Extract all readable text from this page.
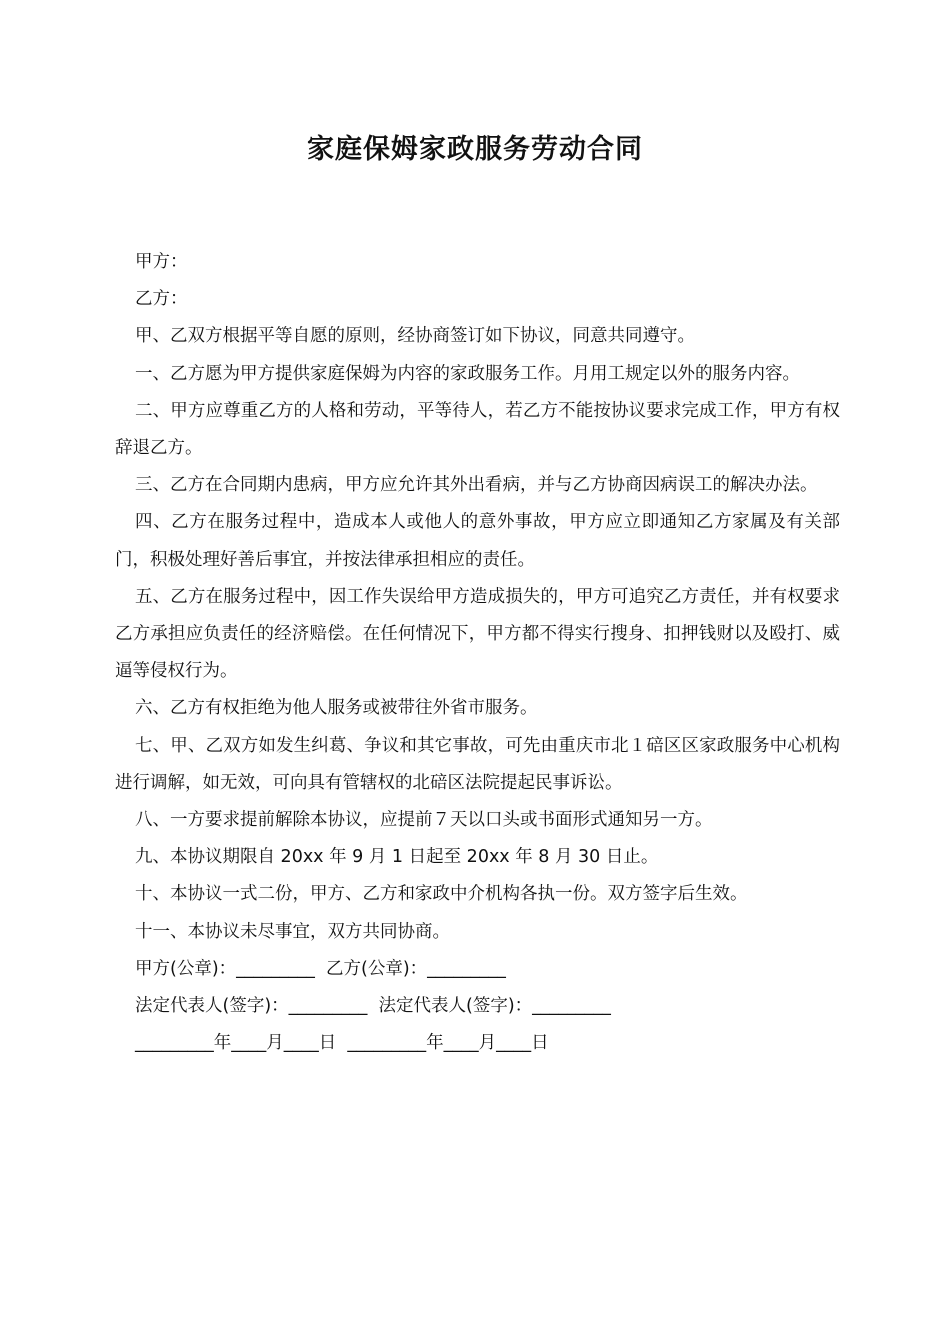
家庭保姆家政服务劳动合同

甲方：

乙方：

甲、乙双方根据平等自愿的原则，经协商签订如下协议，同意共同遵守。

一、乙方愿为甲方提供家庭保姆为内容的家政服务工作。月用工规定以外的服务内容。

二、甲方应尊重乙方的人格和劳动，平等待人，若乙方不能按协议要求完成工作，甲方有权辞退乙方。

三、乙方在合同期内患病，甲方应允许其外出看病，并与乙方协商因病误工的解决办法。

四、乙方在服务过程中，造成本人或他人的意外事故，甲方应立即通知乙方家属及有关部门，积极处理好善后事宜，并按法律承担相应的责任。

五、乙方在服务过程中，因工作失误给甲方造成损失的，甲方可追究乙方责任，并有权要求乙方承担应负责任的经济赔偿。在任何情况下，甲方都不得实行搜身、扣押钱财以及殴打、威逼等侵权行为。

六、乙方有权拒绝为他人服务或被带往外省市服务。

七、甲、乙双方如发生纠葛、争议和其它事故，可先由重庆市北１碚区区家政服务中心机构进行调解，如无效，可向具有管辖权的北碚区法院提起民事诉讼。

八、一方要求提前解除本协议，应提前７天以口头或书面形式通知另一方。

九、本协议期限自 20xx 年 9 月 1 日起至 20xx 年 8 月 30 日止。

十、本协议一式二份，甲方、乙方和家政中介机构各执一份。双方签字后生效。

十一、本协议未尽事宜，双方共同协商。

甲方(公章)：_________  乙方(公章)：_________

法定代表人(签字)：_________  法定代表人(签字)：_________

_________年____月____日  _________年____月____日
